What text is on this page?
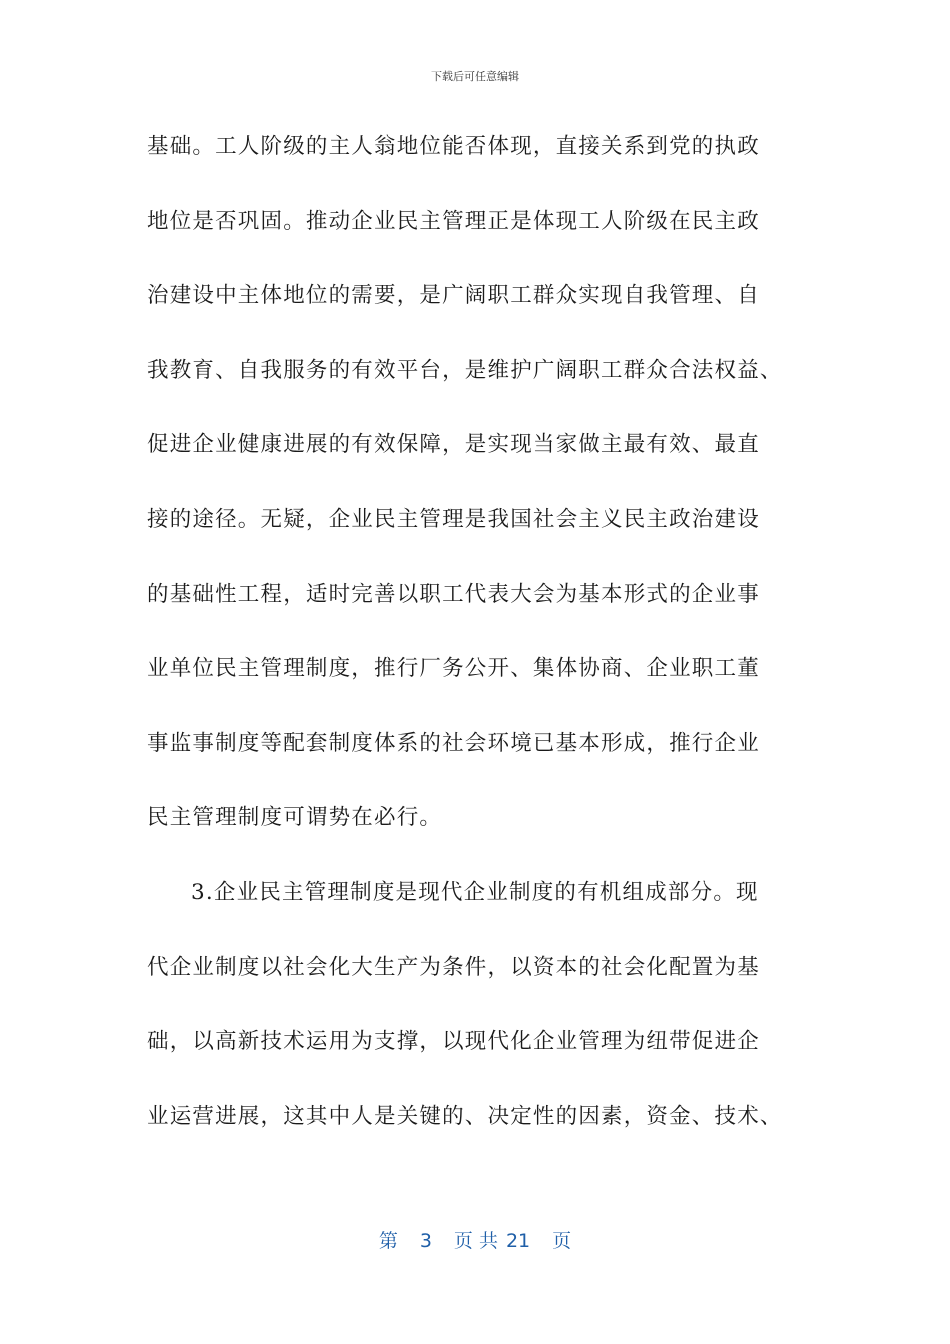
下载后可任意编辑
基础。工人阶级的主人翁地位能否体现，直接关系到党的执政
地位是否巩固。推动企业民主管理正是体现工人阶级在民主政
治建设中主体地位的需要，是广阔职工群众实现自我管理、自
我教育、自我服务的有效平台，是维护广阔职工群众合法权益、
促进企业健康进展的有效保障，是实现当家做主最有效、最直
接的途径。无疑，企业民主管理是我国社会主义民主政治建设
的基础性工程，适时完善以职工代表大会为基本形式的企业事
业单位民主管理制度，推行厂务公开、集体协商、企业职工董
事监事制度等配套制度体系的社会环境已基本形成，推行企业
民主管理制度可谓势在必行。
3.企业民主管理制度是现代企业制度的有机组成部分。现
代企业制度以社会化大生产为条件，以资本的社会化配置为基
础，以高新技术运用为支撑，以现代化企业管理为纽带促进企
业运营进展，这其中人是关键的、决定性的因素，资金、技术、
第 3 页 共 21 页
